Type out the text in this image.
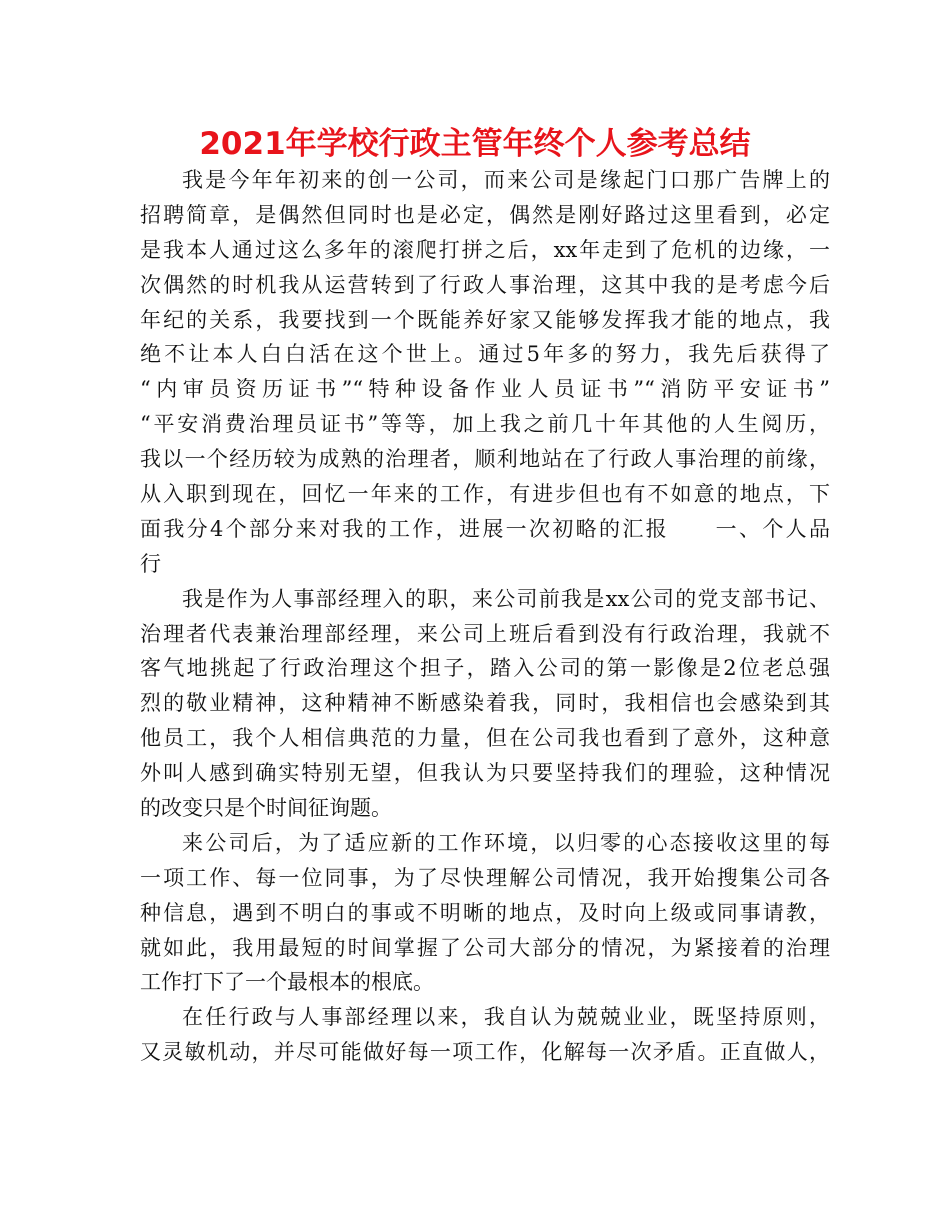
2021年学校行政主管年终个人参考总结
我是今年年初来的创一公司，而来公司是缘起门口那广告牌上的
招聘简章，是偶然但同时也是必定，偶然是刚好路过这里看到，必定
是我本人通过这么多年的滚爬打拼之后，xx年走到了危机的边缘，一
次偶然的时机我从运营转到了行政人事治理，这其中我的是考虑今后
年纪的关系，我要找到一个既能养好家又能够发挥我才能的地点，我
绝不让本人白白活在这个世上。通过5年多的努力，我先后获得了
“内审员资历证书”“特种设备作业人员证书”“消防平安证书”
“平安消费治理员证书”等等，加上我之前几十年其他的人生阅历，
我以一个经历较为成熟的治理者，顺利地站在了行政人事治理的前缘，
从入职到现在，回忆一年来的工作，有进步但也有不如意的地点，下
面我分4个部分来对我的工作，进展一次初略的汇报　　一、个人品
行
我是作为人事部经理入的职，来公司前我是xx公司的党支部书记、
治理者代表兼治理部经理，来公司上班后看到没有行政治理，我就不
客气地挑起了行政治理这个担子，踏入公司的第一影像是2位老总强
烈的敬业精神，这种精神不断感染着我，同时，我相信也会感染到其
他员工，我个人相信典范的力量，但在公司我也看到了意外，这种意
外叫人感到确实特别无望，但我认为只要坚持我们的理验，这种情况
的改变只是个时间征询题。
来公司后，为了适应新的工作环境，以归零的心态接收这里的每
一项工作、每一位同事，为了尽快理解公司情况，我开始搜集公司各
种信息，遇到不明白的事或不明晰的地点，及时向上级或同事请教，
就如此，我用最短的时间掌握了公司大部分的情况，为紧接着的治理
工作打下了一个最根本的根底。
在任行政与人事部经理以来，我自认为兢兢业业，既坚持原则，
又灵敏机动，并尽可能做好每一项工作，化解每一次矛盾。正直做人，
